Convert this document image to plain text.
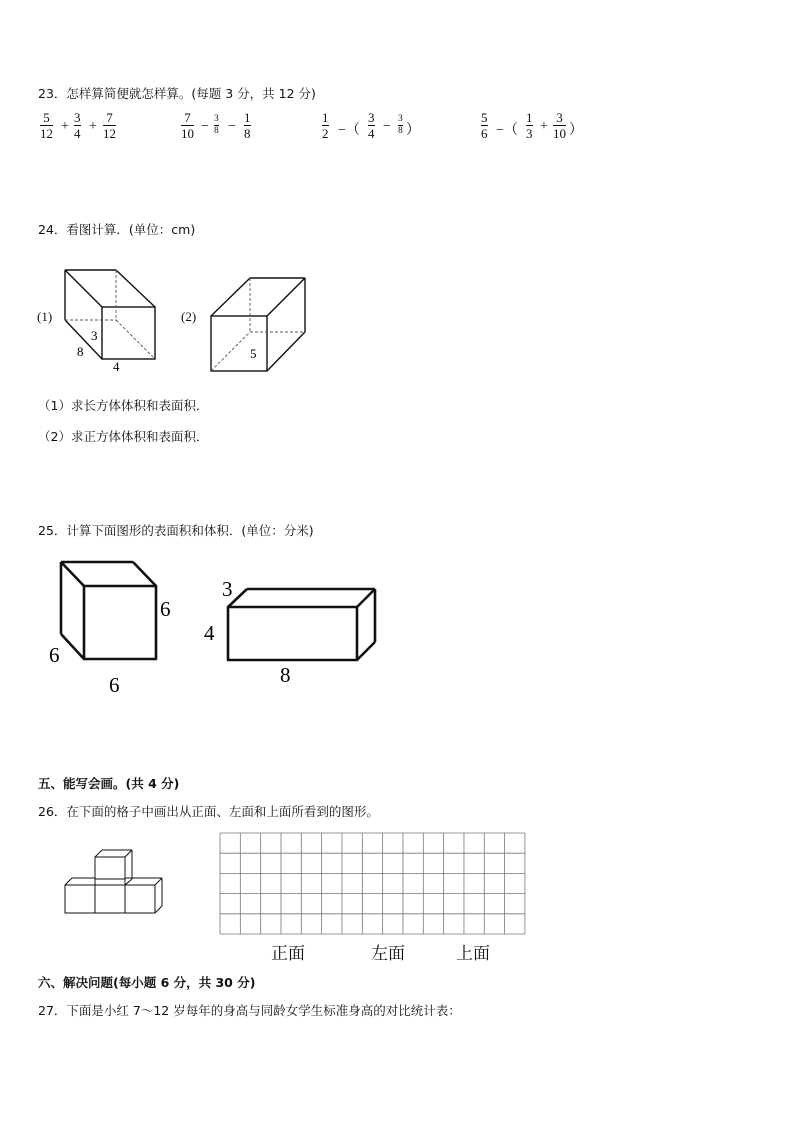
23．怎样算简便就怎样算。(每题 3 分，共 12 分)
5
12 +
3
4 +
7
12
7
10 − 3
8 −
1
8
1
2 −（
3
4 − 3
8 ）
5
6 −（
1
3 +
3
10 ）
24．看图计算．(单位：cm)
(1)
3
8
4
(2)
5
（1）求长方体体积和表面积．
（2）求正方体体积和表面积．
25．计算下面图形的表面积和体积．(单位：分米)
6
6
6
3
4
8
五、能写会画。(共 4 分)
26．在下面的格子中画出从正面、左面和上面所看到的图形。
正面	左面	上面
六、解决问题(每小题 6 分，共 30 分)
27．下面是小红 7～12 岁每年的身高与同龄女学生标准身高的对比统计表：
